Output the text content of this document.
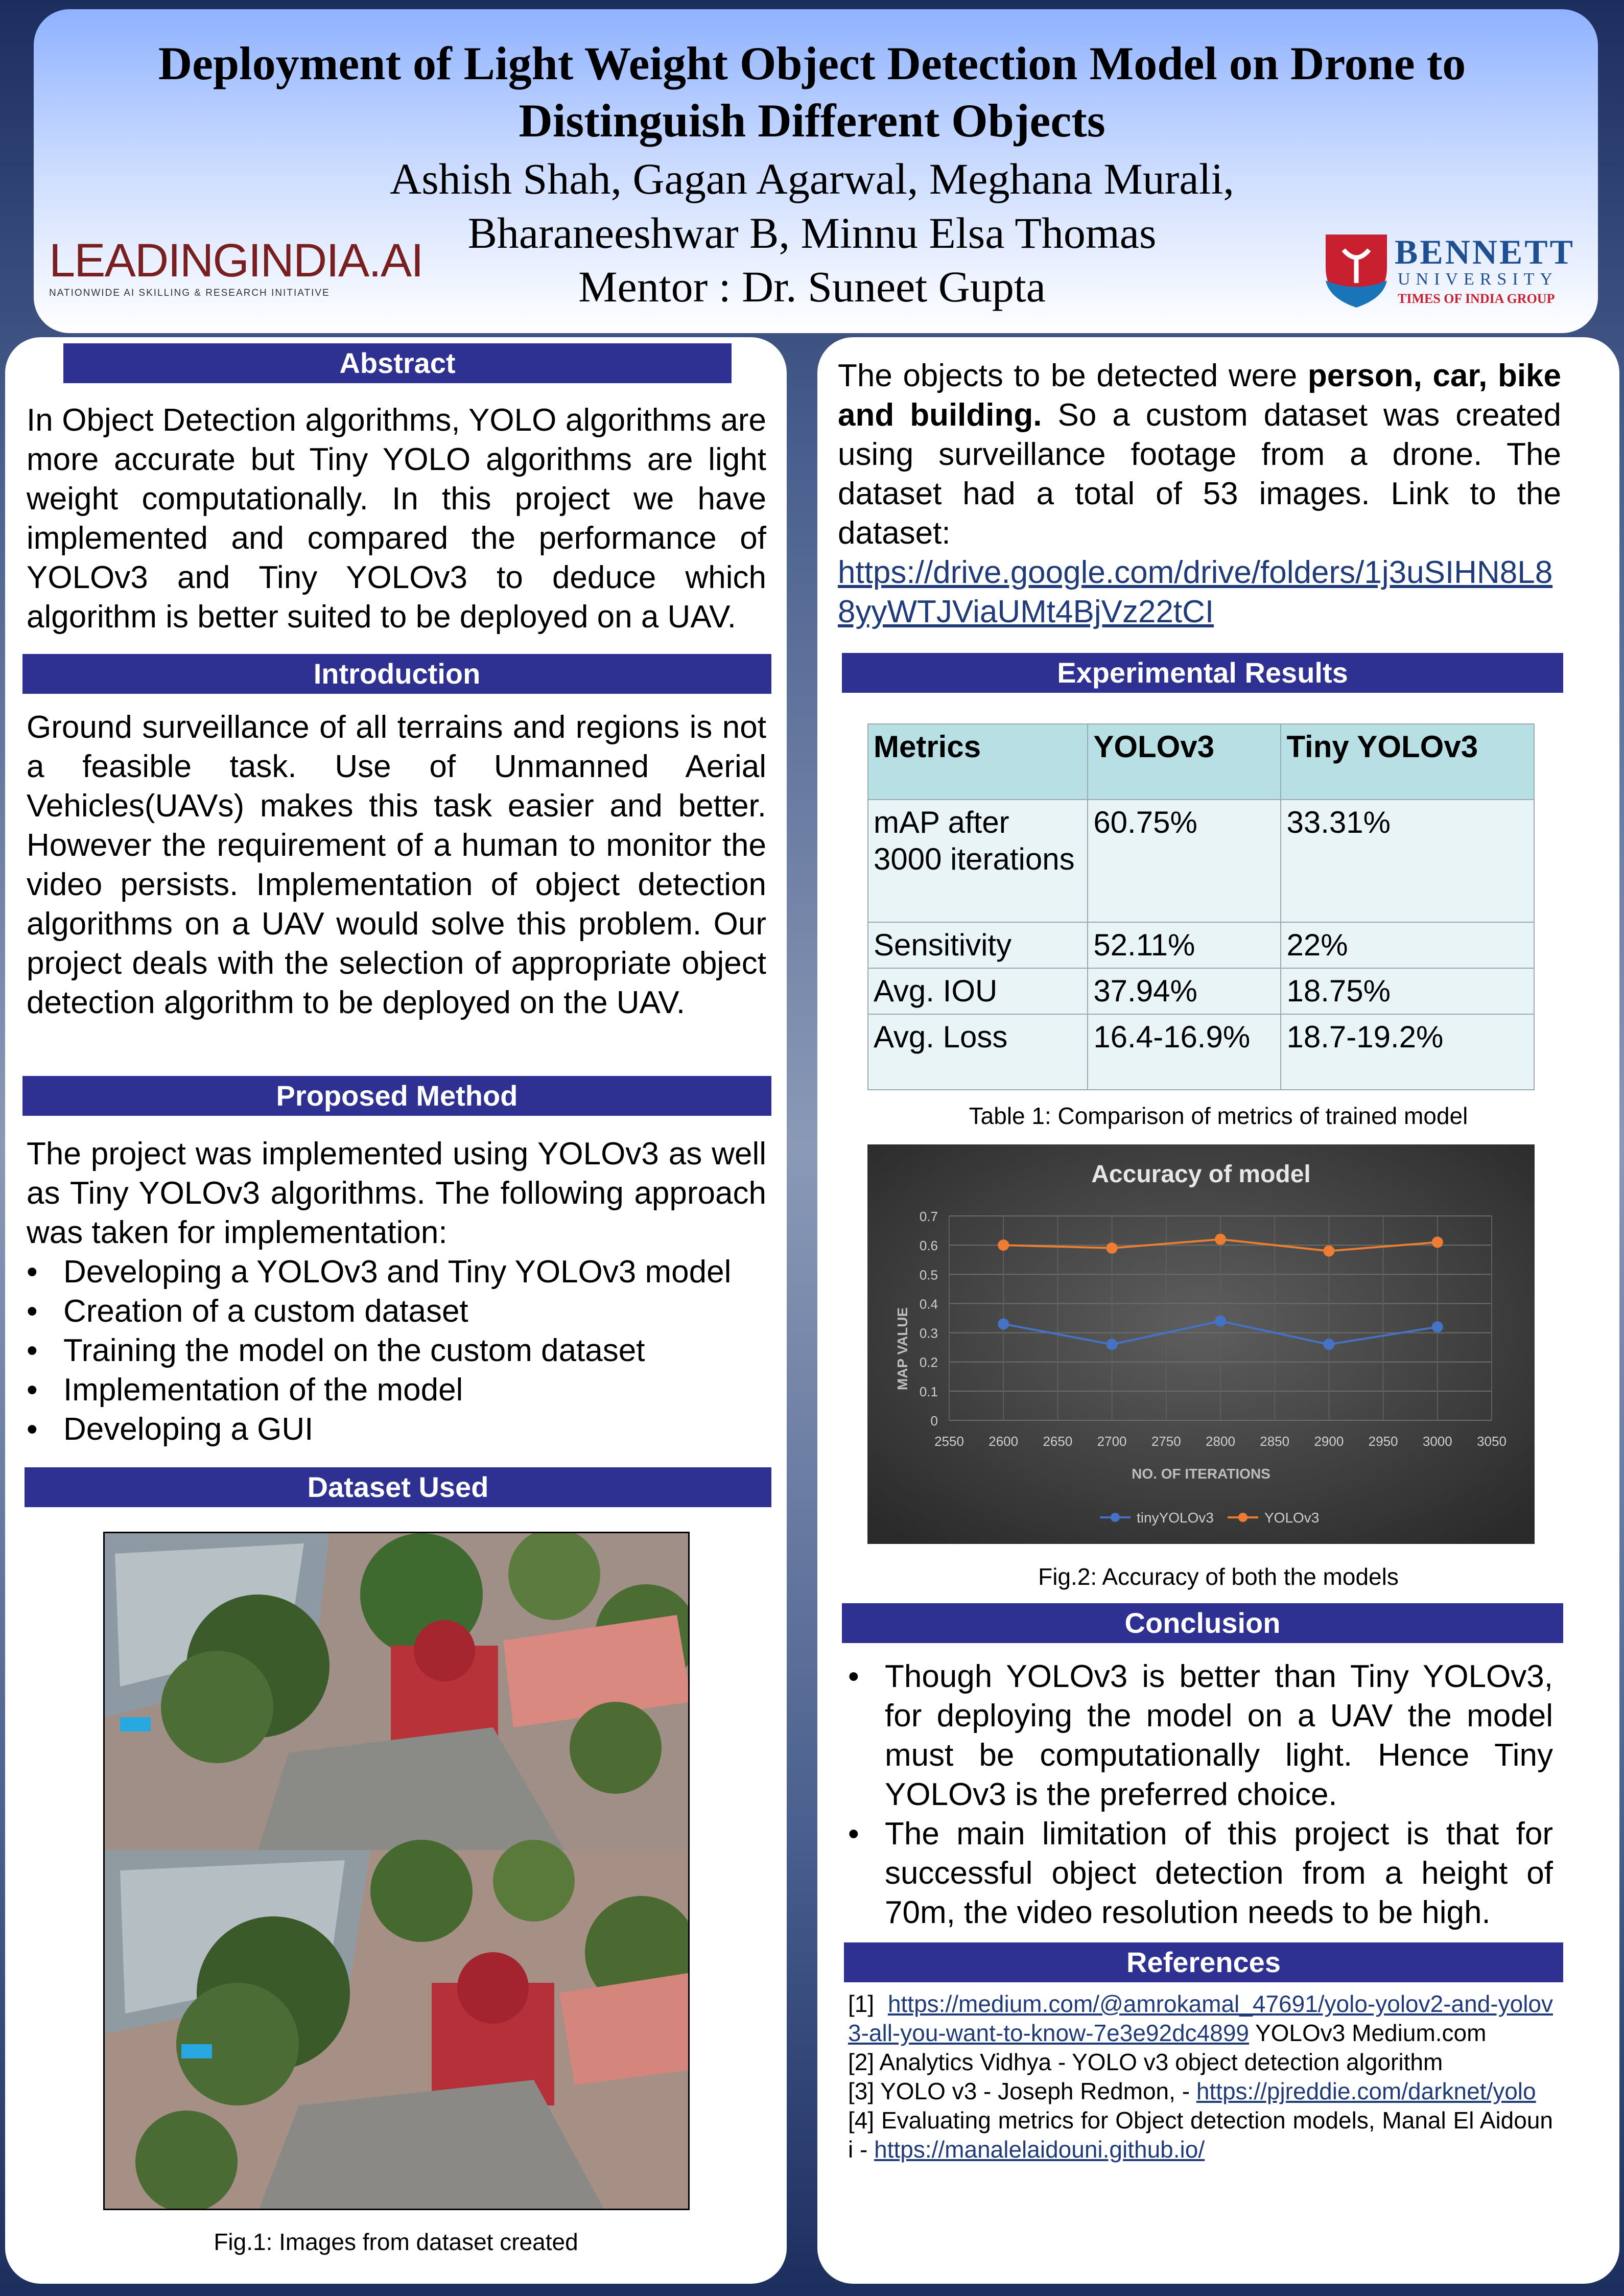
Deployment of Light Weight Object Detection Model on Drone to
Distinguish Different Objects
Ashish Shah, Gagan Agarwal, Meghana Murali,
Bharaneeshwar B, Minnu Elsa Thomas
Mentor : Dr. Suneet Gupta
LEADINGINDIA.AI
NATIONWIDE AI SKILLING & RESEARCH INITIATIVE
BENNETT
UNIVERSITY
TIMES OF INDIA GROUP
Abstract
In Object Detection algorithms, YOLO algorithms are more accurate but Tiny YOLO algorithms are light weight computationally. In this project we have implemented and compared the performance of YOLOv3 and Tiny YOLOv3 to deduce which algorithm is better suited to be deployed on a UAV.
Introduction
Ground surveillance of all terrains and regions is not a feasible task. Use of Unmanned Aerial Vehicles(UAVs) makes this task easier and better. However the requirement of a human to monitor the video persists. Implementation of object detection algorithms on a UAV would solve this problem. Our project deals with the selection of appropriate object detection algorithm to be deployed on the UAV.
Proposed Method

The project was implemented using YOLOv3 as well as Tiny YOLOv3 algorithms. The following approach was taken for implementation:

• Developing a YOLOv3 and Tiny YOLOv3 model
• Creation of a custom dataset
• Training the model on the custom dataset
• Implementation of the model
• Developing a GUI
Dataset Used
Fig.1: Images from dataset created

The objects to be detected were person, car, bike and building. So a custom dataset was created using surveillance footage from a drone. The dataset had a total of 53 images. Link to the dataset:

https://drive.google.com/drive/folders/1j3uSIHN8L88yyWTJViaUMt4BjVz22tCI

Experimental Results
Metrics	YOLOv3	Tiny YOLOv3
mAP after 3000 iterations	60.75%	33.31%
Sensitivity	52.11%	22%
Avg. IOU	37.94%	18.75%
Avg. Loss	16.4-16.9%	18.7-19.2%
Table 1: Comparison of metrics of trained model
Accuracy of model
0
0.1
0.2
0.3
0.4
0.5
0.6
0.7
2550 2600 2650 2700 2750 2800 2850 2900 2950 3000 3050
NO. OF ITERATIONS
MAP VALUE
tinyYOLOv3	YOLOv3
Fig.2: Accuracy of both the models
Conclusion
• Though YOLOv3 is better than Tiny YOLOv3, for deploying the model on a UAV the model must be computationally light. Hence Tiny YOLOv3 is the preferred choice.
• The main limitation of this project is that for successful object detection from a height of 70m, the video resolution needs to be high.
References

[1] https://medium.com/@amrokamal_47691/yolo-yolov2-and-yolov3-all-you-want-to-know-7e3e92dc4899 YOLOv3 Medium.com

[2] Analytics Vidhya - YOLO v3 object detection algorithm

[3] YOLO v3 - Joseph Redmon, - https://pjreddie.com/darknet/yolo

[4] Evaluating metrics for Object detection models, Manal El Aidouni - https://manalelaidouni.github.io/

Team No. - 39
